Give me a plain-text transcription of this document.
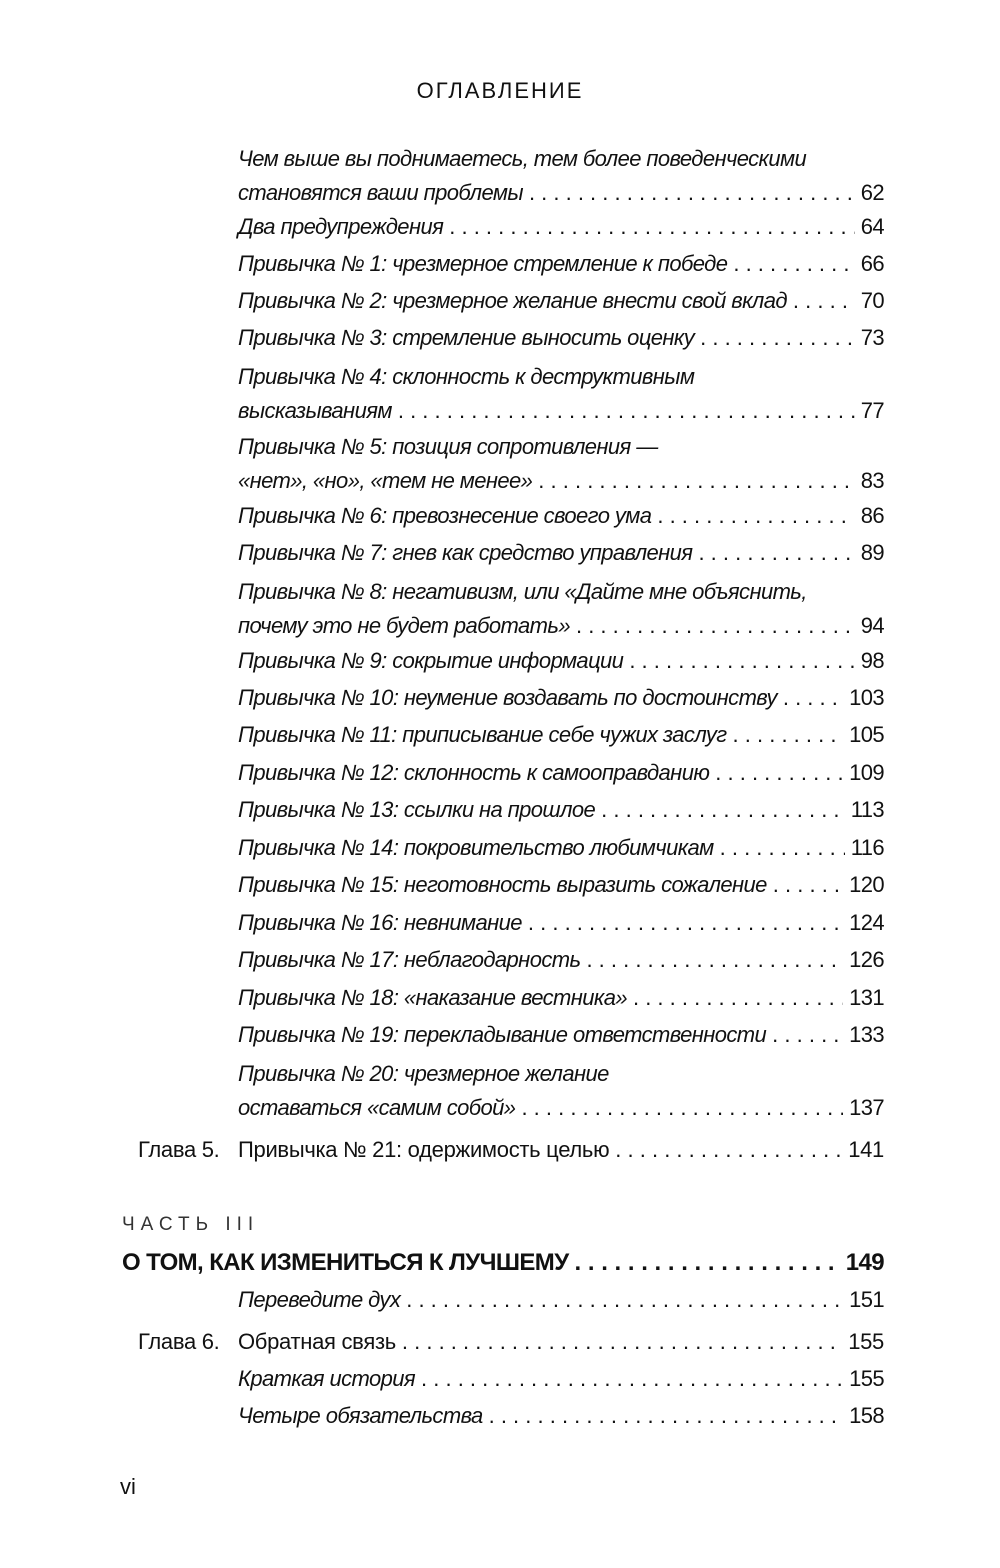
ОГЛАВЛЕНИЕ
Чем выше вы поднимаетесь, тем более поведенческими
становятся ваши проблемы . . .	62
Два предупреждения . . .	64
Привычка № 1: чрезмерное стремление к победе . . .	66
Привычка № 2: чрезмерное желание внести свой вклад . . .	70
Привычка № 3: стремление выносить оценку . . .	73
Привычка № 4: склонность к деструктивным
высказываниям . . .	77
Привычка № 5: позиция сопротивления —
«нет», «но», «тем не менее» . . .	83
Привычка № 6: превознесение своего ума . . .	86
Привычка № 7: гнев как средство управления . . .	89
Привычка № 8: негативизм, или «Дайте мне объяснить,
почему это не будет работать» . . .	94
Привычка № 9: сокрытие информации . . .	98
Привычка № 10: неумение воздавать по достоинству . . .	103
Привычка № 11: приписывание себе чужих заслуг . . .	105
Привычка № 12: склонность к самооправданию . . .	109
Привычка № 13: ссылки на прошлое . . .	113
Привычка № 14: покровительство любимчикам . . .	116
Привычка № 15: неготовность выразить сожаление . . .	120
Привычка № 16: невнимание . . .	124
Привычка № 17: неблагодарность . . .	126
Привычка № 18: «наказание вестника» . . .	131
Привычка № 19: перекладывание ответственности . . .	133
Привычка № 20: чрезмерное желание
оставаться «самим собой» . . .	137
Глава 5. Привычка № 21: одержимость целью . . .	141
ЧАСТЬ III
О ТОМ, КАК ИЗМЕНИТЬСЯ К ЛУЧШЕМУ . . .	149
Переведите дух . . .	151
Глава 6. Обратная связь . . .	155
Краткая история . . .	155
Четыре обязательства . . .	158
vi
